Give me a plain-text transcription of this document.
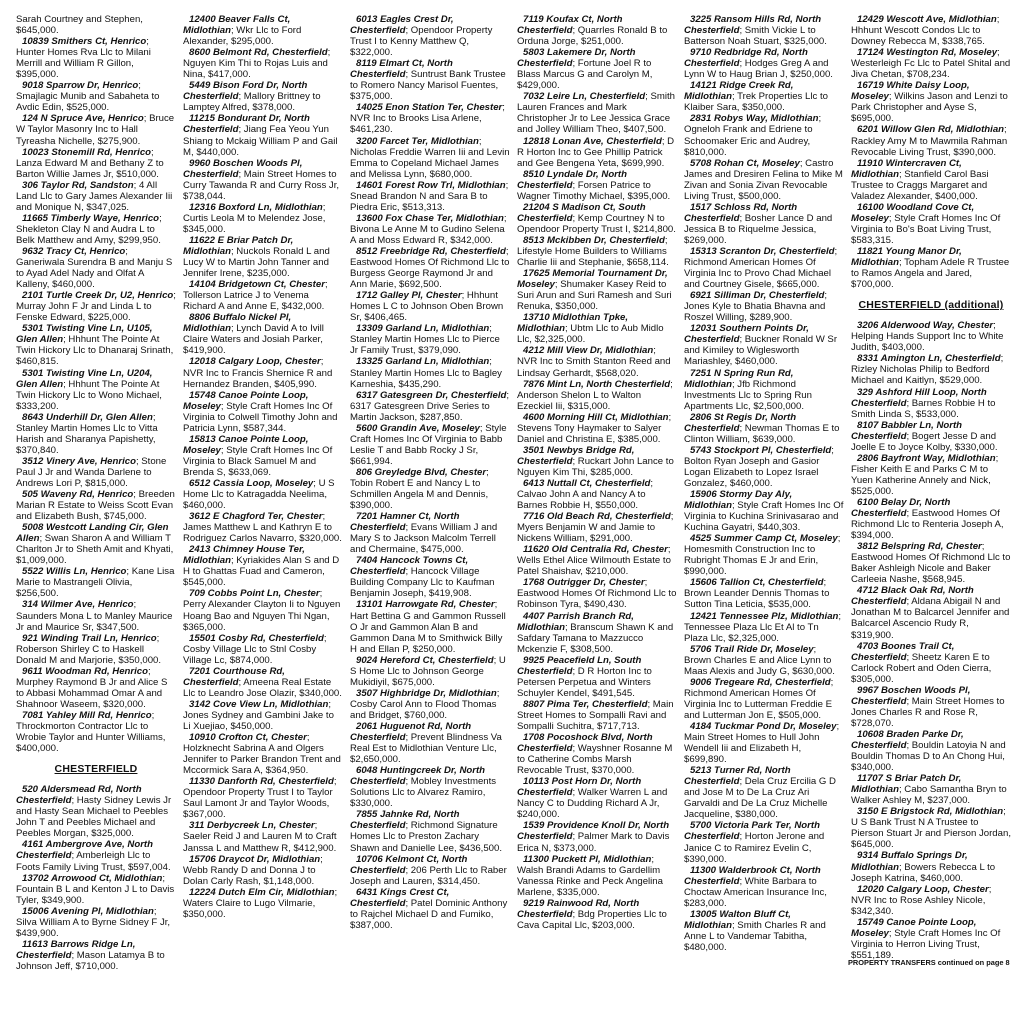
Sarah Courtney and Stephen, $645,000.

10839 Smithers Ct, Henrico; Hunter Homes Rva Llc to Milani Merrill and William R Gillon, $395,000.

9018 Sparrow Dr, Henrico; Smajlagic Munib and Sabaheta to Avdic Edin, $525,000.

124 N Spruce Ave, Henrico; Bruce W Taylor Masonry Inc to Hall Tyreasha Nichelle, $275,900.

10023 Stonemill Rd, Henrico; Lanza Edward M and Bethany Z to Barton Willie James Jr, $510,000.

306 Taylor Rd, Sandston; 4 All Land Llc to Gary James Alexander Iii and Monique N, $347,025.

11665 Timberly Waye, Henrico; Shekleton Clay N and Audra L to Belk Matthew and Amy, $299,950.

9632 Tracy Ct, Henrico; Ganeriwala Surendra B and Manju S to Ayad Adel Nady and Olfat A Kalleny, $460,000.

2101 Turtle Creek Dr, U2, Henrico; Murray John F Jr and Linda L to Fenske Edward, $225,000.

5301 Twisting Vine Ln, U105, Glen Allen; Hhhunt The Pointe At Twin Hickory Llc to Dhanaraj Srinath, $460,815.

5301 Twisting Vine Ln, U204, Glen Allen; Hhhunt The Pointe At Twin Hickory Llc to Wono Michael, $333,200.

8643 Underhill Dr, Glen Allen; Stanley Martin Homes Llc to Vitta Harish and Sharanya Papishetty, $370,840.

3512 Vinery Ave, Henrico; Stone Paul J Jr and Wanda Darlene to Andrews Lori P, $815,000.

505 Waveny Rd, Henrico; Breeden Marian R Estate to Weiss Scott Evan and Elizabeth Bush, $745,000.

5008 Westcott Landing Cir, Glen Allen; Swan Sharon A and William T Charlton Jr to Sheth Amit and Khyati, $1,009,000.

5522 Willis Ln, Henrico; Kane Lisa Marie to Mastrangeli Olivia, $256,500.

314 Wilmer Ave, Henrico; Saunders Mona L to Manley Maurice Jr and Maurice Sr, $347,500.

921 Winding Trail Ln, Henrico; Roberson Shirley C to Haskell Donald M and Marjorie, $350,000.

9611 Woodman Rd, Henrico; Murphey Raymond B Jr and Alice S to Abbasi Mohammad Omar A and Shahnoor Waseem, $320,000.

7081 Yahley Mill Rd, Henrico; Throckmorton Contractor Llc to Wrobie Taylor and Hunter Williams, $400,000.

CHESTERFIELD

520 Aldersmead Rd, North Chesterfield; Hasty Sidney Lewis Jr and Hasty Sean Michael to Peebles John T and Peebles Michael and Peebles Morgan, $325,000.

4161 Ambergrove Ave, North Chesterfield; Amberleigh Llc to Foots Family Living Trust, $597,004.

13702 Arrowood Ct, Midlothian; Fountain B L and Kenton J L to Davis Tyler, $349,900.

15006 Avening Pl, Midlothian; Silva William A to Byrne Sidney F Jr, $439,900.

11613 Barrows Ridge Ln, Chesterfield; Mason Latamya B to Johnson Jeff, $710,000.

12400 Beaver Falls Ct, Midlothian; Wkr Llc to Ford Alexander, $295,000.

8600 Belmont Rd, Chesterfield; Nguyen Kim Thi to Rojas Luis and Nina, $417,000.

5449 Bison Ford Dr, North Chesterfield; Mallory Brittney to Lamptey Alfred, $378,000.

11215 Bondurant Dr, North Chesterfield; Jiang Fea Yeou Yun Shiang to Mckaig William P and Gail M, $440,000.

9960 Boschen Woods Pl, Chesterfield; Main Street Homes to Curry Tawanda R and Curry Ross Jr, $738,044.

12316 Boxford Ln, Midlothian; Curtis Leola M to Melendez Jose, $345,000.

11622 E Briar Patch Dr, Midlothian; Nuckols Ronald L and Lucy W to Martin John Tanner and Jennifer Irene, $235,000.

14104 Bridgetown Ct, Chester; Tollerson Latrice J to Venema Richard A and Anne E, $432,000.

8806 Buffalo Nickel Pl, Midlothian; Lynch David A to Ivill Claire Waters and Josiah Parker, $419,900.

12018 Calgary Loop, Chester; NVR Inc to Francis Shernice R and Hernandez Branden, $405,990.

15748 Canoe Pointe Loop, Moseley; Style Craft Homes Inc Of Virginia to Colwell Timothy John and Patricia Lynn, $587,344.

15813 Canoe Pointe Loop, Moseley; Style Craft Homes Inc Of Virginia to Black Samuel M and Brenda S, $633,069.

6512 Cassia Loop, Moseley; U S Home Llc to Katragadda Neelima, $460,000.

3612 E Chagford Ter, Chester; James Matthew L and Kathryn E to Rodriguez Carlos Navarro, $320,000.

2413 Chimney House Ter, Midlothian; Kyriakides Alan S and D H to Ghattas Fuad and Cameron, $545,000.

709 Cobbs Point Ln, Chester; Perry Alexander Clayton Ii to Nguyen Hoang Bao and Nguyen Thi Ngan, $365,000.

15501 Cosby Rd, Chesterfield; Cosby Village Llc to Stnl Cosby Village Lc, $874,000.

7201 Courthouse Rd, Chesterfield; Ameena Real Estate Llc to Leandro Jose Olazir, $340,000.

3142 Cove View Ln, Midlothian; Jones Sydney and Gambini Jake to Li Xuejiao, $450,000.

10910 Crofton Ct, Chester; Holzknecht Sabrina A and Olgers Jennifer to Parker Brandon Trent and Mccormick Sara A, $364,950.

11330 Danforth Rd, Chesterfield; Opendoor Property Trust I to Taylor Saul Lamont Jr and Taylor Woods, $367,000.

311 Derbycreek Ln, Chester; Saeler Reid J and Lauren M to Craft Janssa L and Matthew R, $412,900.

15706 Draycot Dr, Midlothian; Webb Randy D and Donna J to Dolan Carly Rash, $1,148,000.

12224 Dutch Elm Cir, Midlothian; Waters Claire to Lugo Vilmarie, $350,000.

6013 Eagles Crest Dr, Chesterfield; Opendoor Property Trust I to Kenny Matthew Q, $322,000.

8119 Elmart Ct, North Chesterfield; Suntrust Bank Trustee to Romero Nancy Marisol Fuentes, $375,000.

14025 Enon Station Ter, Chester; NVR Inc to Brooks Lisa Arlene, $461,230.

3200 Farcet Ter, Midlothian; Nicholas Freddie Warren Iii and Levin Emma to Copeland Michael James and Melissa Lynn, $680,000.

14601 Forest Row Trl, Midlothian; Snead Brandon N and Sara B to Piedra Eric, $513,313.

13600 Fox Chase Ter, Midlothian; Bivona Le Anne M to Gudino Selena A and Moss Edward R, $342,000.

8512 Freebridge Rd, Chesterfield; Eastwood Homes Of Richmond Llc to Burgess George Raymond Jr and Ann Marie, $692,500.

1712 Galley Pl, Chester; Hhhunt Homes L C to Johnson Oben Brown Sr, $406,465.

13309 Garland Ln, Midlothian; Stanley Martin Homes Llc to Pierce Jr Family Trust, $379,090.

13325 Garland Ln, Midlothian; Stanley Martin Homes Llc to Bagley Karneshia, $435,290.

6317 Gatesgreen Dr, Chesterfield; 6317 Gatesgreen Drive Series to Martin Jackson, $287,850.

5600 Grandin Ave, Moseley; Style Craft Homes Inc Of Virginia to Babb Leslie T and Babb Rocky J Sr, $661,994.

806 Greyledge Blvd, Chester; Tobin Robert E and Nancy L to Schmillen Angela M and Dennis, $390,000.

7201 Hamner Ct, North Chesterfield; Evans William J and Mary S to Jackson Malcolm Terrell and Chermaine, $475,000.

7404 Hancock Towns Ct, Chesterfield; Hancock Village Building Company Llc to Kaufman Benjamin Joseph, $419,908.

13101 Harrowgate Rd, Chester; Hart Bettina G and Gammon Russell O Jr and Gammon Alan B and Gammon Dana M to Smithwick Billy H and Ellan P, $250,000.

9024 Hereford Ct, Chesterfield; U S Home Llc to Johnson George Mukidiyil, $675,000.

3507 Highbridge Dr, Midlothian; Cosby Carol Ann to Flood Thomas and Bridget, $760,000.

2061 Huguenot Rd, North Chesterfield; Prevent Blindness Va Real Est to Midlothian Venture Llc, $2,650,000.

6048 Huntingcreek Dr, North Chesterfield; Mobley Investments Solutions Llc to Alvarez Ramiro, $330,000.

7855 Jahnke Rd, North Chesterfield; Richmond Signature Homes Llc to Preston Zachary Shawn and Danielle Lee, $436,500.

10706 Kelmont Ct, North Chesterfield; 206 Perth Llc to Raber Joseph and Lauren, $314,450.

6431 Kings Crest Ct, Chesterfield; Patel Dominic Anthony to Rajchel Michael D and Fumiko, $387,000.

7119 Koufax Ct, North Chesterfield; Quarrles Ronald B to Orduna Jorge, $251,000.

5803 Lakemere Dr, North Chesterfield; Fortune Joel R to Blass Marcus G and Carolyn M, $429,000.

7032 Leire Ln, Chesterfield; Smith Lauren Frances and Mark Christopher Jr to Lee Jessica Grace and Jolley William Theo, $407,500.

12818 Lonan Ave, Chesterfield; D R Horton Inc to Gee Phillip Patrick and Gee Bengena Yeta, $699,990.

8510 Lyndale Dr, North Chesterfield; Forsen Patrice to Wagner Timothy Michael, $395,000.

21204 S Madison Ct, South Chesterfield; Kemp Courtney N to Opendoor Property Trust I, $214,800.

8513 Mckibben Dr, Chesterfield; Lifestyle Home Builders to Williams Charlie Iii and Stephanie, $658,114.

17625 Memorial Tournament Dr, Moseley; Shumaker Kasey Reid to Suri Arun and Suri Ramesh and Suri Renuka, $350,000.

13710 Midlothian Tpke, Midlothian; Ubtm Llc to Aub Midlo Llc, $2,325,000.

4212 Mill View Dr, Midlothian; NVR Inc to Smith Stanton Reed and Lindsay Gerhardt, $568,020.

7876 Mint Ln, North Chesterfield; Anderson Shelon L to Walton Ezeckiel Iii, $315,000.

4600 Morning Hill Ct, Midlothian; Stevens Tony Haymaker to Salyer Daniel and Christina E, $385,000.

3501 Newbys Bridge Rd, Chesterfield; Ruckart John Lance to Nguyen Kim Thi, $285,000.

6413 Nuttall Ct, Chesterfield; Calvao John A and Nancy A to Barnes Robbie H, $550,000.

7716 Old Beach Rd, Chesterfield; Myers Benjamin W and Jamie to Nickens William, $291,000.

11620 Old Centralia Rd, Chester; Wells Ethel Alice Wilmouth Estate to Patel Shaishav, $210,000.

1768 Outrigger Dr, Chester; Eastwood Homes Of Richmond Llc to Robinson Tyra, $490,430.

4407 Parrish Branch Rd, Midlothian; Branscum Shawn K and Safdary Tamana to Mazzucco Mckenzie F, $308,500.

9925 Peacefield Ln, South Chesterfield; D R Horton Inc to Petersen Perpetua and Winters Schuyler Kendel, $491,545.

8807 Pima Ter, Chesterfield; Main Street Homes to Sompalli Ravi and Sompalli Suchitra, $717,713.

1708 Pocoshock Blvd, North Chesterfield; Wayshner Rosanne M to Catherine Combs Marsh Revocable Trust, $370,000.

10113 Post Horn Dr, North Chesterfield; Walker Warren L and Nancy C to Dudding Richard A Jr, $240,000.

1539 Providence Knoll Dr, North Chesterfield; Palmer Mark to Davis Erica N, $373,000.

11300 Puckett Pl, Midlothian; Walsh Brandi Adams to Gardellim Vanessa Rinke and Peck Angelina Marlene, $335,000.

9219 Rainwood Rd, North Chesterfield; Bdg Properties Llc to Cava Capital Llc, $203,000.

3225 Ransom Hills Rd, North Chesterfield; Smith Vickie L to Batterson Noah Stuart, $325,000.

9710 Redbridge Rd, North Chesterfield; Hodges Greg A and Lynn W to Haug Brian J, $250,000.

14121 Ridge Creek Rd, Midlothian; Trek Properties Llc to Klaiber Sara, $350,000.

2831 Robys Way, Midlothian; Ogneloh Frank and Edriene to Schoomaker Eric and Audrey, $810,000.

5708 Rohan Ct, Moseley; Castro James and Dresiren Felina to Mike M Zivan and Sonia Zivan Revocable Living Trust, $500,000.

1517 Schloss Rd, North Chesterfield; Bosher Lance D and Jessica B to Riquelme Jessica, $269,000.

15313 Scranton Dr, Chesterfield; Richmond American Homes Of Virginia Inc to Provo Chad Michael and Courtney Gisele, $665,000.

6921 Silliman Dr, Chesterfield; Jones Kyle to Bhatia Bhavna and Roszel Willing, $289,900.

12031 Southern Points Dr, Chesterfield; Buckner Ronald W Sr and Kimiley to Wiglesworth Mariashley, $460,000.

7251 N Spring Run Rd, Midlothian; Jfb Richmond Investments Llc to Spring Run Apartments Llc, $2,500,000.

2806 St Regis Dr, North Chesterfield; Newman Thomas E to Clinton William, $639,000.

5743 Stockport Pl, Chesterfield; Bolton Ryan Joseph and Gasior Logan Elizabeth to Lopez Israel Gonzalez, $460,000.

15906 Stormy Day Aly, Midlothian; Style Craft Homes Inc Of Virginia to Kuchina Srinivasarao and Kuchina Gayatri, $440,303.

4525 Summer Camp Ct, Moseley; Homesmith Construction Inc to Rubright Thomas E Jr and Erin, $990,000.

15606 Tallion Ct, Chesterfield; Brown Leander Dennis Thomas to Sutton Tina Leticia, $535,000.

12421 Tennessee Plz, Midlothian; Tennessee Plaza Llc Et Al to Tn Plaza Llc, $2,325,000.

5706 Trail Ride Dr, Moseley; Brown Charles E and Alice Lynn to Maas Alexis and Judy G, $630,000.

9006 Tregeare Rd, Chesterfield; Richmond American Homes Of Virginia Inc to Lutterman Freddie E and Lutterman Jon E, $505,000.

4184 Tuckmar Pond Dr, Moseley; Main Street Homes to Hull John Wendell Iii and Elizabeth H, $699,890.

5213 Turner Rd, North Chesterfield; Dela Cruz Ercilia G D and Jose M to De La Cruz Ari Garvaldi and De La Cruz Michelle Jacqueline, $380,000.

5700 Victoria Park Ter, North Chesterfield; Horton Jerone and Janice C to Ramirez Evelin C, $390,000.

11300 Walderbrook Ct, North Chesterfield; White Barbara to Choctaw American Insurance Inc, $283,000.

13005 Walton Bluff Ct, Midlothian; Smith Charles R and Anne L to Vandemar Tabitha, $480,000.

12429 Wescott Ave, Midlothian; Hhhunt Wescott Condos Llc to Downey Rebecca M, $338,765.

17124 Westington Rd, Moseley; Westerleigh Fc Llc to Patel Shital and Jiva Chetan, $708,234.

16719 White Daisy Loop, Moseley; Wilkins Jason and Lenzi to Park Christopher and Ayse S, $695,000.

6201 Willow Glen Rd, Midlothian; Rackley Amy M to Mawmila Rahman Revocable Living Trust, $390,000.

11910 Wintercraven Ct, Midlothian; Stanfield Carol Basi Trustee to Craggs Margaret and Valadez Alexander, $400,000.

16100 Woodland Cove Ct, Moseley; Style Craft Homes Inc Of Virginia to Bo's Boat Living Trust, $583,315.

11821 Young Manor Dr, Midlothian; Topham Adele R Trustee to Ramos Angela and Jared, $700,000.

CHESTERFIELD (additional)

3206 Alderwood Way, Chester; Helping Hands Support Inc to White Judith, $403,000.

8331 Amington Ln, Chesterfield; Rizley Nicholas Philip to Bedford Michael and Kaitlyn, $529,000.

329 Ashford Hill Loop, North Chesterfield; Barnes Robbie H to Smith Linda S, $533,000.

8107 Babbler Ln, North Chesterfield; Bogert Jesse D and Joelle E to Joyce Kolby, $330,000.

2806 Bayfront Way, Midlothian; Fisher Keith E and Parks C M to Yuen Katherine Annely and Nick, $525,000.

6100 Belay Dr, North Chesterfield; Eastwood Homes Of Richmond Llc to Renteria Joseph A, $394,000.

3812 Belspring Rd, Chester; Eastwood Homes Of Richmond Llc to Baker Ashleigh Nicole and Baker Carleeia Nashe, $568,945.

4712 Black Oak Rd, North Chesterfield; Aldana Abigail N and Jonathan M to Balcarcel Jennifer and Balcarcel Ascencio Rudy R, $319,900.

4703 Boones Trail Ct, Chesterfield; Sheetz Karen E to Carlock Robert and Oden Cierra, $305,000.

9967 Boschen Woods Pl, Chesterfield; Main Street Homes to Jones Charles R and Rose R, $728,070.

10608 Braden Parke Dr, Chesterfield; Bouldin Latoyia N and Bouldin Thomas D to An Chong Hui, $340,000.

11707 S Briar Patch Dr, Midlothian; Cabo Samantha Bryn to Walker Ashley M, $237,000.

3150 E Brigstock Rd, Midlothian; U S Bank Trust N A Trustee to Pierson Stuart Jr and Pierson Jordan, $645,000.

9314 Buffalo Springs Dr, Midlothian; Bowers Rebecca L to Joseph Katrina, $460,000.

12020 Calgary Loop, Chester; NVR Inc to Rose Ashley Nicole, $342,340.

15749 Canoe Pointe Loop, Moseley; Style Craft Homes Inc Of Virginia to Herron Living Trust, $551,189.

PROPERTY TRANSFERS continued on page 8
